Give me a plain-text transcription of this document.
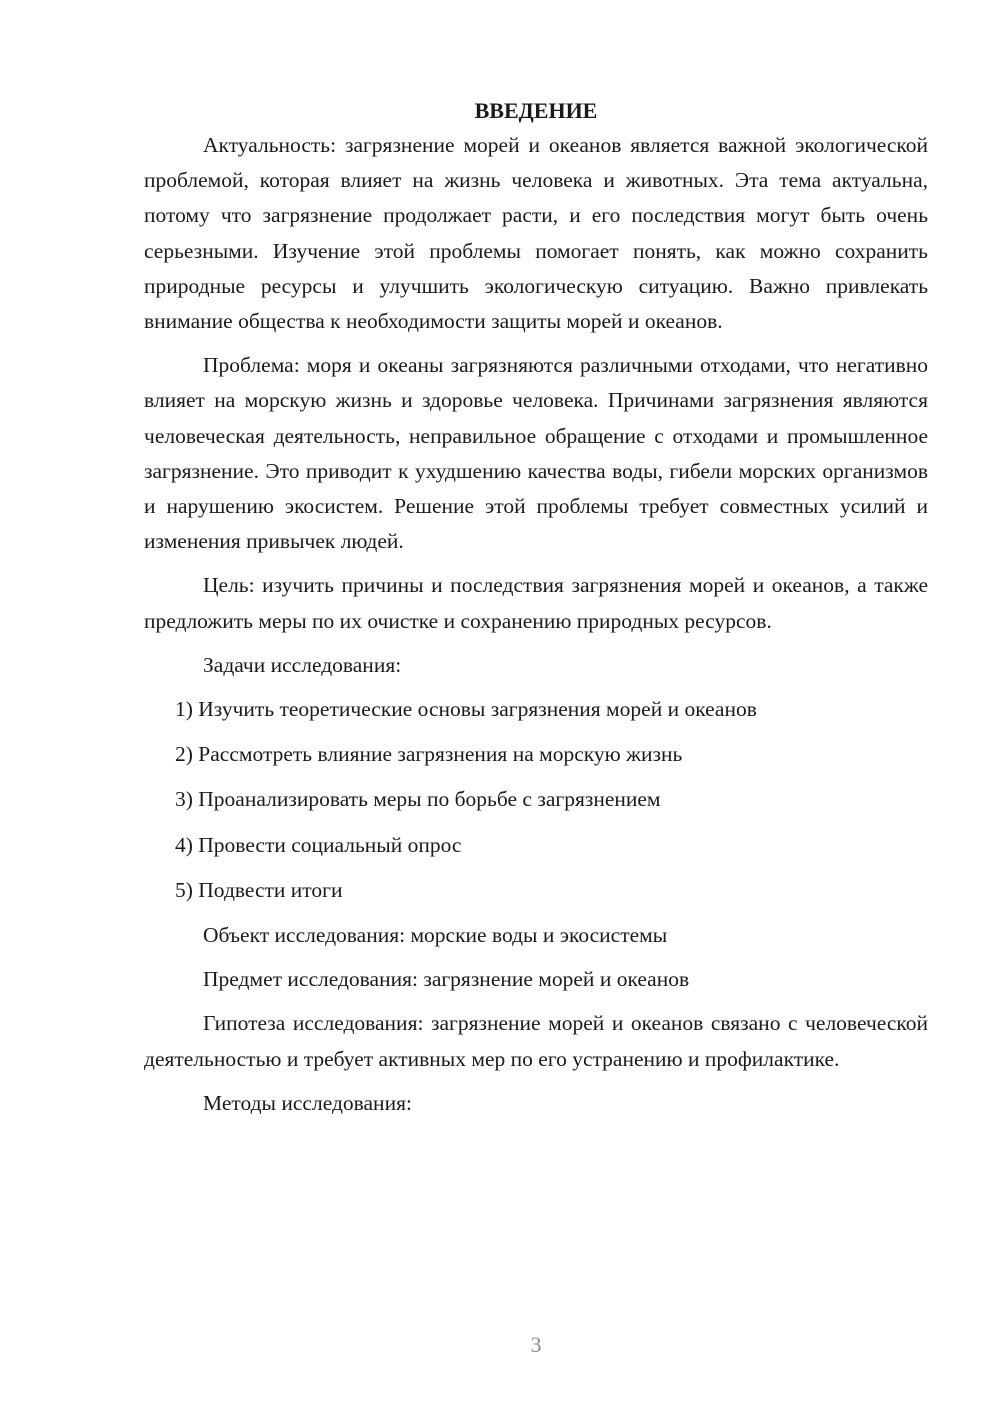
ВВЕДЕНИЕ

Актуальность: загрязнение морей и океанов является важной экологической проблемой, которая влияет на жизнь человека и животных. Эта тема актуальна, потому что загрязнение продолжает расти, и его последствия могут быть очень серьезными. Изучение этой проблемы помогает понять, как можно сохранить природные ресурсы и улучшить экологическую ситуацию. Важно привлекать внимание общества к необходимости защиты морей и океанов.

Проблема: моря и океаны загрязняются различными отходами, что негативно влияет на морскую жизнь и здоровье человека. Причинами загрязнения являются человеческая деятельность, неправильное обращение с отходами и промышленное загрязнение. Это приводит к ухудшению качества воды, гибели морских организмов и нарушению экосистем. Решение этой проблемы требует совместных усилий и изменения привычек людей.

Цель: изучить причины и последствия загрязнения морей и океанов, а также предложить меры по их очистке и сохранению природных ресурсов.

Задачи исследования:

1) Изучить теоретические основы загрязнения морей и океанов
2) Рассмотреть влияние загрязнения на морскую жизнь
3) Проанализировать меры по борьбе с загрязнением
4) Провести социальный опрос
5) Подвести итоги

Объект исследования: морские воды и экосистемы

Предмет исследования: загрязнение морей и океанов

Гипотеза исследования: загрязнение морей и океанов связано с человеческой деятельностью и требует активных мер по его устранению и профилактике.

Методы исследования:

3
